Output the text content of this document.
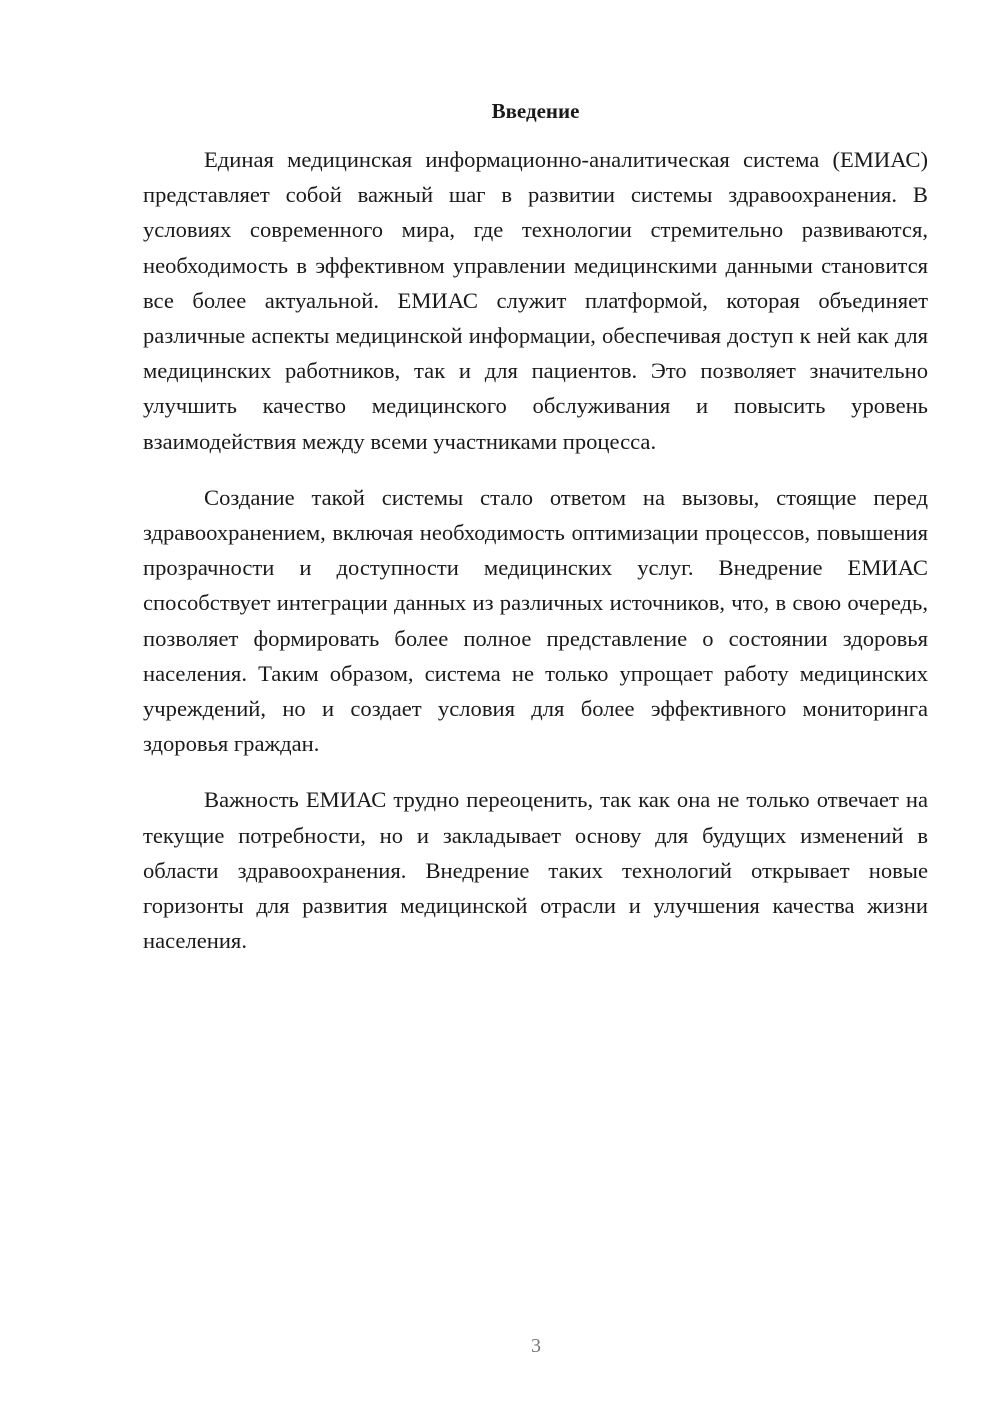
Введение

Единая медицинская информационно-аналитическая система (ЕМИАС) представляет собой важный шаг в развитии системы здравоохранения. В условиях современного мира, где технологии стремительно развиваются, необходимость в эффективном управлении медицинскими данными становится все более актуальной. ЕМИАС служит платформой, которая объединяет различные аспекты медицинской информации, обеспечивая доступ к ней как для медицинских работников, так и для пациентов. Это позволяет значительно улучшить качество медицинского обслуживания и повысить уровень взаимодействия между всеми участниками процесса.

Создание такой системы стало ответом на вызовы, стоящие перед здравоохранением, включая необходимость оптимизации процессов, повышения прозрачности и доступности медицинских услуг. Внедрение ЕМИАС способствует интеграции данных из различных источников, что, в свою очередь, позволяет формировать более полное представление о состоянии здоровья населения. Таким образом, система не только упрощает работу медицинских учреждений, но и создает условия для более эффективного мониторинга здоровья граждан.

Важность ЕМИАС трудно переоценить, так как она не только отвечает на текущие потребности, но и закладывает основу для будущих изменений в области здравоохранения. Внедрение таких технологий открывает новые горизонты для развития медицинской отрасли и улучшения качества жизни населения.

3
